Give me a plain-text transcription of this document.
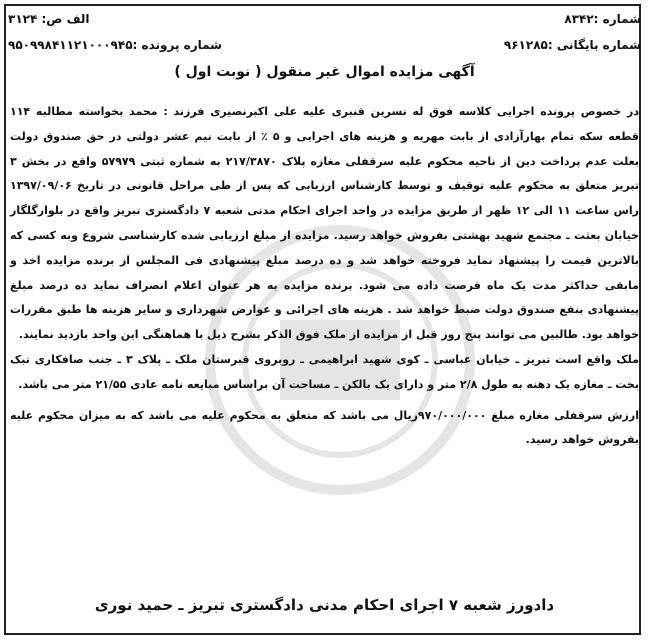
شماره :۸۳۴۲
الف ص: ۳۱۲۴
شماره بایگانی :۹۶۱۲۸۵
شماره پرونده :۹۵۰۹۹۸۴۱۱۲۱۰۰۰۹۴۵
آگهی مزایده اموال غیر منقول ( نوبت اول )

در خصوص پرونده اجرایی کلاسه فوق له نسرین قنبری علیه علی اکبرنصیری فرزند : محمد بخواسته مطالبه ۱۱۴ قطعه سکه تمام بهارآزادی از بابت مهریه و هزینه های اجرایی و ۵ ٪ از بابت نیم عشر دولتی در حق صندوق دولت بعلت عدم پرداخت دین از ناحیه محکوم علیه سرقفلی مغازه پلاک ۲۱۷/۳۸۷۰ به شماره ثبتی ۵۷۹۷۹ واقع در بخش ۳ تبریز متعلق به محکوم علیه توقیف و توسط کارشناس ارزیابی که پس از طی مراحل قانونی در تاریخ ۱۳۹۷/۰۹/۰۶ راس ساعت ۱۱ الی ۱۲ ظهر از طریق مزایده در واحد اجرای احکام مدنی شعبه ۷ دادگستری تبریز واقع در بلوارگلگار خیابان بعثت ـ مجتمع شهید بهشتی بفروش خواهد رسید. مزایده از مبلغ ارزیابی شده کارشناسی شروع وبه کسی که بالاترین قیمت را پیشنهاد نماید فروخته خواهد شد و ده درصد مبلغ پیشنهادی فی المجلس از برنده مزایده اخذ و مابقی حداکثر مدت یک ماه فرصت داده می شود. برنده مزایده به هر عنوان اعلام انصراف نماید ده درصد مبلغ پیشنهادی بنفع صندوق دولت ضبط خواهد شد . هزینه های اجرائی و عوارض شهرداری و سایر هزینه ها طبق مقررات خواهد بود. طالبین می توانند پنج روز قبل از مزایده از ملک فوق الذکر بشرح ذیل با هماهنگی این واحد بازدید نمایند.

ملک واقع است تبریز ـ خیابان عباسی ـ کوی شهید ابراهیمی ـ روبروی قبرستان ملک ـ پلاک ۳ ـ جنب صافکاری تبک بخت ـ مغازه یک دهنه به طول ۲/۸ متر و دارای یک بالکن ـ مساحت آن براساس مبایعه نامه عادی ۲۱/۵۵ متر می باشد.

ارزش سرقفلی مغازه مبلغ ۹۷۰/۰۰۰/۰۰۰ریال می باشد که متعلق به محکوم علیه می باشد که به میزان محکوم علیه بفروش خواهد رسید.

دادورز شعبه ۷ اجرای احکام مدنی دادگستری تبریز ـ حمید نوری
